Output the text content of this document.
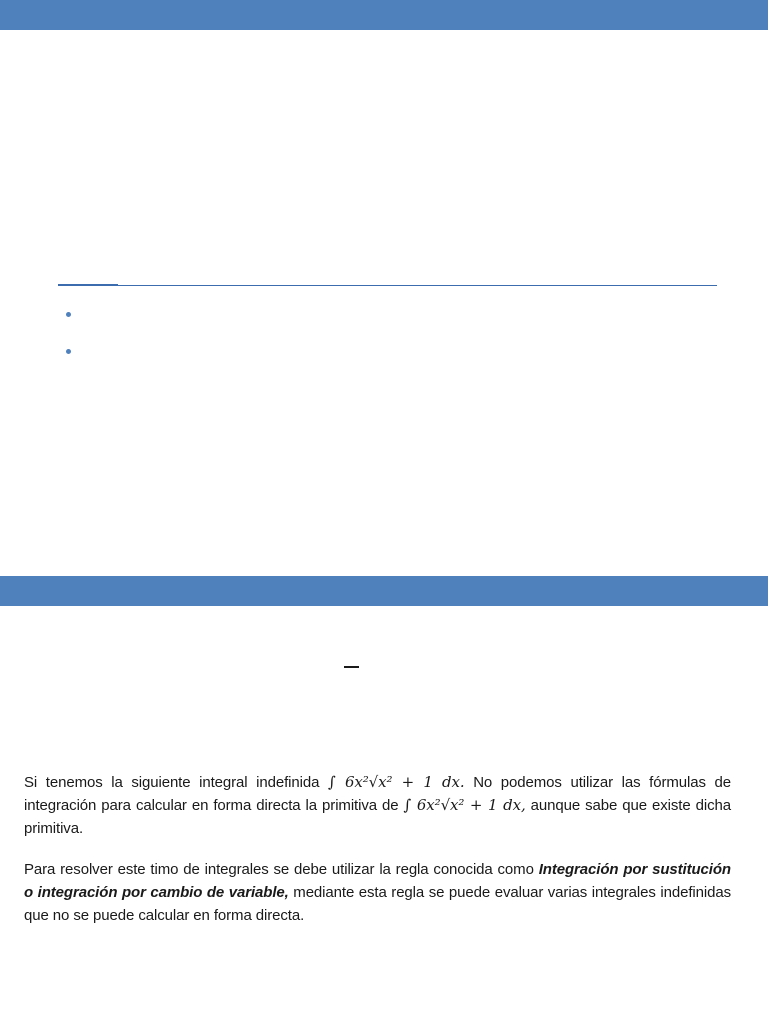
Si tenemos la siguiente integral indefinida ∫ 6x²√x² + 1 dx. No podemos utilizar las fórmulas de integración para calcular en forma directa la primitiva de ∫ 6x²√x² + 1 dx, aunque sabe que existe dicha primitiva.

Para resolver este timo de integrales se debe utilizar la regla conocida como Integración por sustitución o integración por cambio de variable, mediante esta regla se puede evaluar varias integrales indefinidas que no se puede calcular en forma directa.
